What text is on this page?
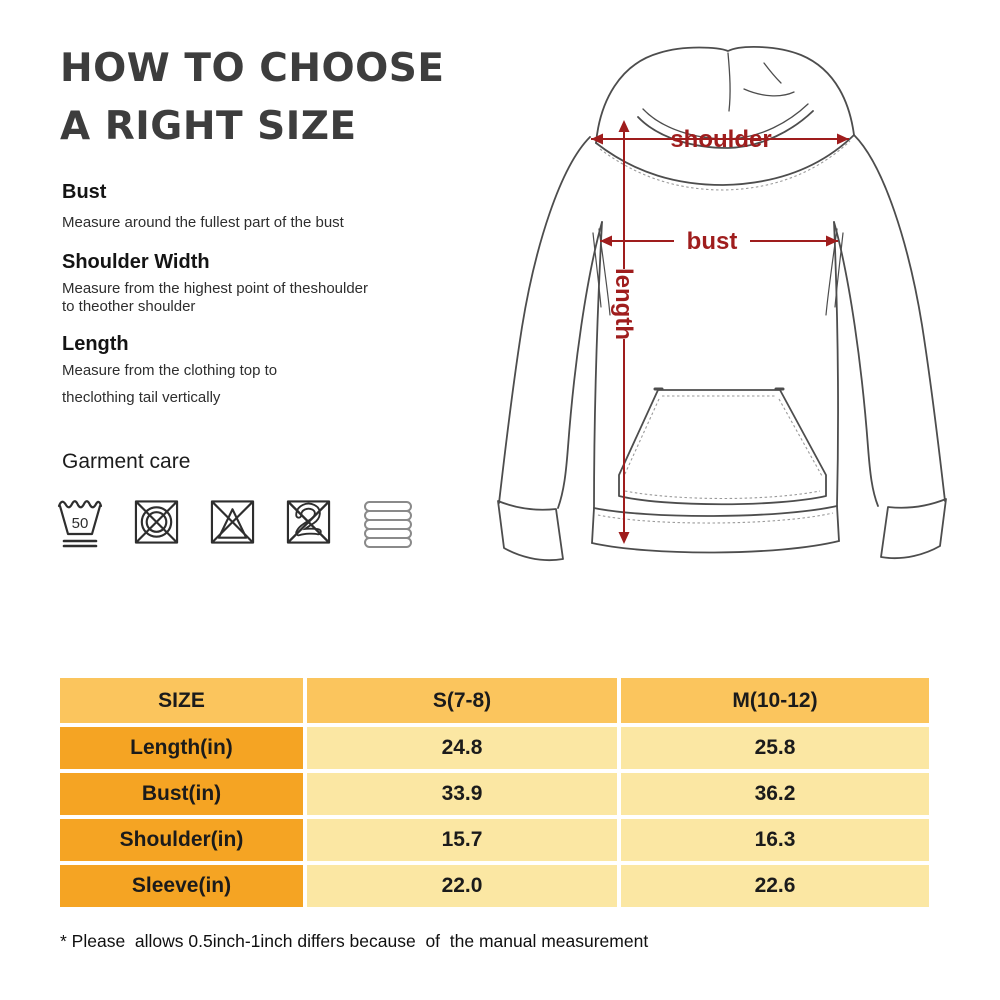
HOW TO CHOOSE
A RIGHT SIZE
Bust
Measure around the fullest part of the bust
Shoulder Width
Measure from the highest point of theshoulder
to theother shoulder
Length
Measure from the clothing top to
theclothing tail vertically
Garment care
50
shoulder
bust
length
SIZE	S(7-8)	M(10-12)
Length(in)	24.8	25.8
Bust(in)	33.9	36.2
Shoulder(in)	15.7	16.3
Sleeve(in)	22.0	22.6
* Please  allows 0.5inch-1inch differs because  of  the manual measurement
